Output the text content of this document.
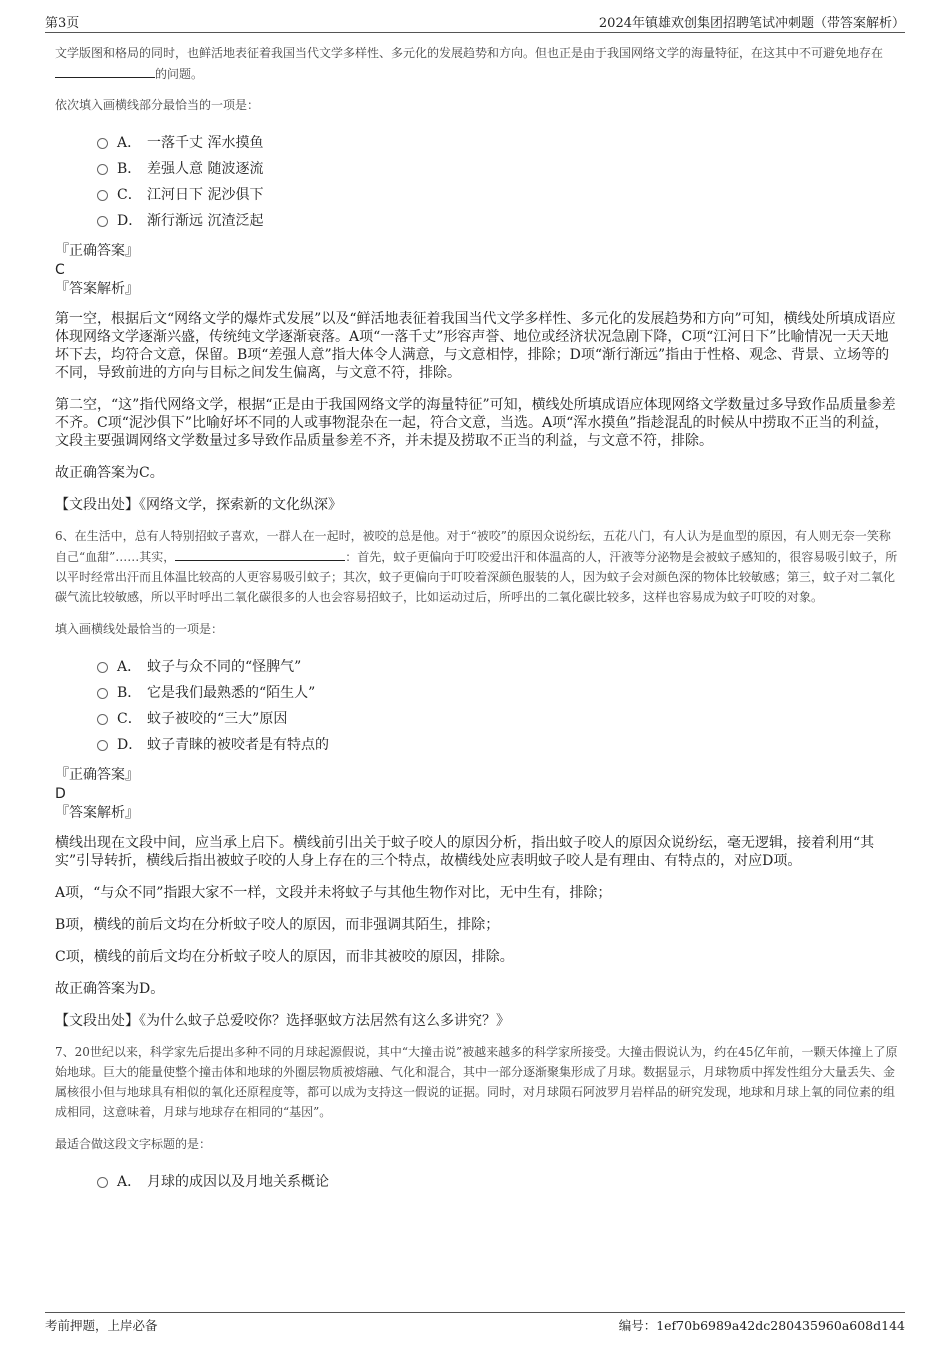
第3页	2024年镇雄欢创集团招聘笔试冲刺题（带答案解析）

文学版图和格局的同时，也鲜活地表征着我国当代文学多样性、多元化的发展趋势和方向。但也正是由于我国网络文学的海量特征，在这其中不可避免地存在的问题。

依次填入画横线部分最恰当的一项是：

A． 一落千丈 浑水摸鱼
B． 差强人意 随波逐流
C． 江河日下 泥沙俱下
D． 渐行渐远 沉渣泛起

『正确答案』

C

『答案解析』

第一空，根据后文“网络文学的爆炸式发展”以及“鲜活地表征着我国当代文学多样性、多元化的发展趋势和方向”可知，横线处所填成语应体现网络文学逐渐兴盛，传统纯文学逐渐衰落。A项“一落千丈”形容声誉、地位或经济状况急剧下降，C项“江河日下”比喻情况一天天地坏下去，均符合文意，保留。B项“差强人意”指大体令人满意，与文意相悖，排除；D项“渐行渐远”指由于性格、观念、背景、立场等的不同，导致前进的方向与目标之间发生偏离，与文意不符，排除。

第二空，“这”指代网络文学，根据“正是由于我国网络文学的海量特征”可知，横线处所填成语应体现网络文学数量过多导致作品质量参差不齐。C项“泥沙俱下”比喻好坏不同的人或事物混杂在一起，符合文意，当选。A项“浑水摸鱼”指趁混乱的时候从中捞取不正当的利益，文段主要强调网络文学数量过多导致作品质量参差不齐，并未提及捞取不正当的利益，与文意不符，排除。

故正确答案为C。

【文段出处】《网络文学，探索新的文化纵深》

6、在生活中，总有人特别招蚊子喜欢，一群人在一起时，被咬的总是他。对于“被咬”的原因众说纷纭，五花八门，有人认为是血型的原因，有人则无奈一笑称自己“血甜”……其实，	：首先，蚊子更偏向于叮咬爱出汗和体温高的人，汗液等分泌物是会被蚊子感知的，很容易吸引蚊子，所以平时经常出汗而且体温比较高的人更容易吸引蚊子；其次，蚊子更偏向于叮咬着深颜色服装的人，因为蚊子会对颜色深的物体比较敏感；第三，蚊子对二氧化碳气流比较敏感，所以平时呼出二氧化碳很多的人也会容易招蚊子，比如运动过后，所呼出的二氧化碳比较多，这样也容易成为蚊子叮咬的对象。

填入画横线处最恰当的一项是：

A． 蚊子与众不同的“怪脾气”
B． 它是我们最熟悉的“陌生人”
C． 蚊子被咬的“三大”原因
D． 蚊子青睐的被咬者是有特点的

『正确答案』

D

『答案解析』

横线出现在文段中间，应当承上启下。横线前引出关于蚊子咬人的原因分析，指出蚊子咬人的原因众说纷纭，毫无逻辑，接着利用“其实”引导转折，横线后指出被蚊子咬的人身上存在的三个特点，故横线处应表明蚊子咬人是有理由、有特点的，对应D项。

A项，“与众不同”指跟大家不一样，文段并未将蚊子与其他生物作对比，无中生有，排除；

B项，横线的前后文均在分析蚊子咬人的原因，而非强调其陌生，排除；

C项，横线的前后文均在分析蚊子咬人的原因，而非其被咬的原因，排除。

故正确答案为D。

【文段出处】《为什么蚊子总爱咬你？选择驱蚊方法居然有这么多讲究？》

7、20世纪以来，科学家先后提出多种不同的月球起源假说，其中“大撞击说”被越来越多的科学家所接受。大撞击假说认为，约在45亿年前，一颗天体撞上了原始地球。巨大的能量使整个撞击体和地球的外圈层物质被熔融、气化和混合，其中一部分逐渐聚集形成了月球。数据显示，月球物质中挥发性组分大量丢失、金属核很小但与地球具有相似的氧化还原程度等，都可以成为支持这一假说的证据。同时，对月球陨石阿波罗月岩样品的研究发现，地球和月球上氧的同位素的组成相同，这意味着，月球与地球存在相同的“基因”。

最适合做这段文字标题的是：

A． 月球的成因以及月地关系概论
考前押题，上岸必备	编号：1ef70b6989a42dc280435960a608d144
